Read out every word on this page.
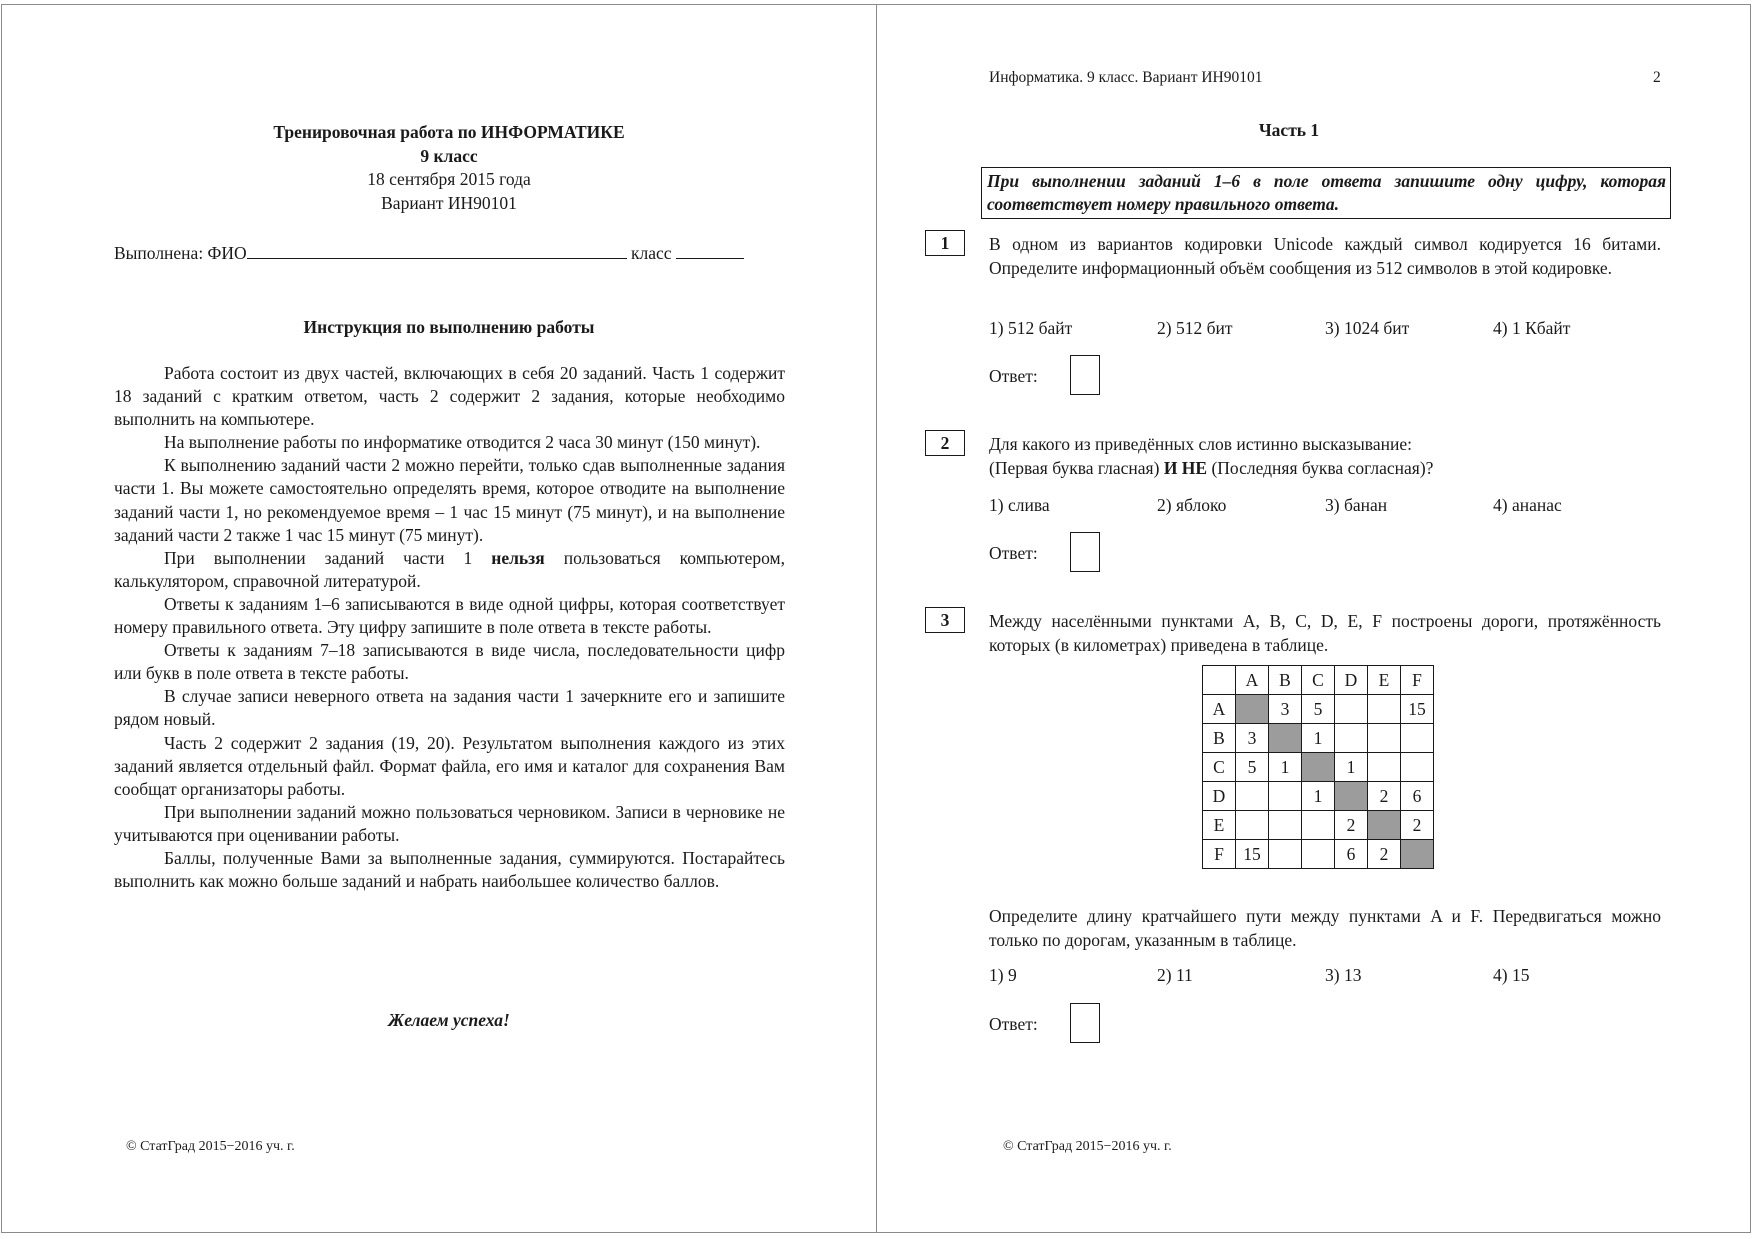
Тренировочная работа по ИНФОРМАТИКЕ
9 класс
18 сентября 2015 года
Вариант ИН90101
Выполнена: ФИО	класс
Инструкция по выполнению работы

Работа состоит из двух частей, включающих в себя 20 заданий. Часть 1 содержит 18 заданий с кратким ответом, часть 2 содержит 2 задания, которые необходимо выполнить на компьютере.

На выполнение работы по информатике отводится 2 часа 30 минут (150 минут).

К выполнению заданий части 2 можно перейти, только сдав выполненные задания части 1. Вы можете самостоятельно определять время, которое отводите на выполнение заданий части 1, но рекомендуемое время – 1 час 15 минут (75 минут), и на выполнение заданий части 2 также 1 час 15 минут (75 минут).

При выполнении заданий части 1 нельзя пользоваться компьютером, калькулятором, справочной литературой.

Ответы к заданиям 1–6 записываются в виде одной цифры, которая соответствует номеру правильного ответа. Эту цифру запишите в поле ответа в тексте работы.

Ответы к заданиям 7–18 записываются в виде числа, последовательности цифр или букв в поле ответа в тексте работы.

В случае записи неверного ответа на задания части 1 зачеркните его и запишите рядом новый.

Часть 2 содержит 2 задания (19, 20). Результатом выполнения каждого из этих заданий является отдельный файл. Формат файла, его имя и каталог для сохранения Вам сообщат организаторы работы.

При выполнении заданий можно пользоваться черновиком. Записи в черновике не учитываются при оценивании работы.

Баллы, полученные Вами за выполненные задания, суммируются. Постарайтесь выполнить как можно больше заданий и набрать наибольшее количество баллов.

Желаем успеха!
© СтатГрад 2015−2016 уч. г.
Информатика. 9 класс. Вариант ИН90101	2
Часть 1
При выполнении заданий 1–6 в поле ответа запишите одну цифру, которая соответствует номеру правильного ответа.
1	В одном из вариантов кодировки Unicode каждый символ кодируется 16 битами. Определите информационный объём сообщения из 512 символов в этой кодировке.
1) 512 байт	2) 512 бит	3) 1024 бит	4) 1 Кбайт
Ответ:
2	Для какого из приведённых слов истинно высказывание:
(Первая буква гласная) И НЕ (Последняя буква согласная)?
1) слива	2) яблоко	3) банан	4) ананас
Ответ:
3	Между населёнными пунктами A, B, C, D, E, F построены дороги, протяжённость которых (в километрах) приведена в таблице.
	A	B	C	D	E	F
A		3	5			15
B	3		1			
C	5	1		1		
D			1		2	6
E				2		2
F	15			6	2	
Определите длину кратчайшего пути между пунктами A и F. Передвигаться можно только по дорогам, указанным в таблице.
1) 9	2) 11	3) 13	4) 15
Ответ:
© СтатГрад 2015−2016 уч. г.
